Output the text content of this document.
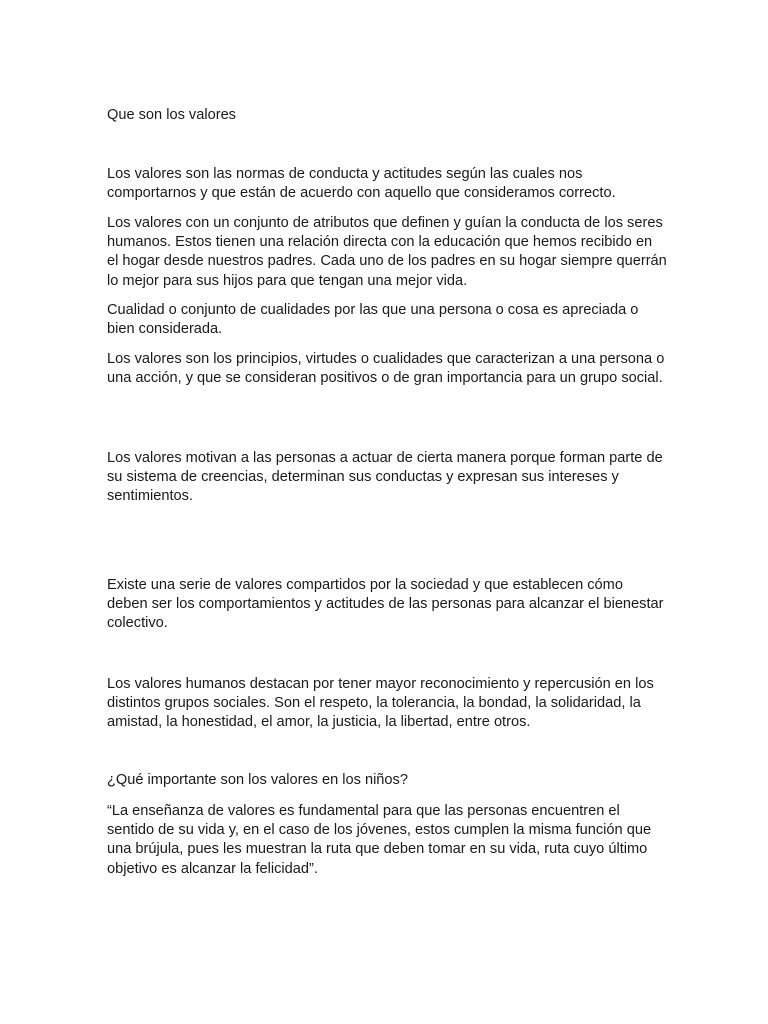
Que son los valores

Los valores son las normas de conducta y actitudes según las cuales nos comportarnos y que están de acuerdo con aquello que consideramos correcto.

Los valores con un conjunto de atributos que definen y guían la conducta de los seres humanos. Estos tienen una relación directa con la educación que hemos recibido en el hogar desde nuestros padres. Cada uno de los padres en su hogar siempre querrán lo mejor para sus hijos para que tengan una mejor vida.

Cualidad o conjunto de cualidades por las que una persona o cosa es apreciada o bien considerada.

Los valores son los principios, virtudes o cualidades que caracterizan a una persona o una acción, y que se consideran positivos o de gran importancia para un grupo social.

Los valores motivan a las personas a actuar de cierta manera porque forman parte de su sistema de creencias, determinan sus conductas y expresan sus intereses y sentimientos.

Existe una serie de valores compartidos por la sociedad y que establecen cómo deben ser los comportamientos y actitudes de las personas para alcanzar el bienestar colectivo.

Los valores humanos destacan por tener mayor reconocimiento y repercusión en los distintos grupos sociales. Son el respeto, la tolerancia, la bondad, la solidaridad, la amistad, la honestidad, el amor, la justicia, la libertad, entre otros.

¿Qué importante son los valores en los niños?

“La enseñanza de valores es fundamental para que las personas encuentren el sentido de su vida y, en el caso de los jóvenes, estos cumplen la misma función que una brújula, pues les muestran la ruta que deben tomar en su vida, ruta cuyo último objetivo es alcanzar la felicidad”.
